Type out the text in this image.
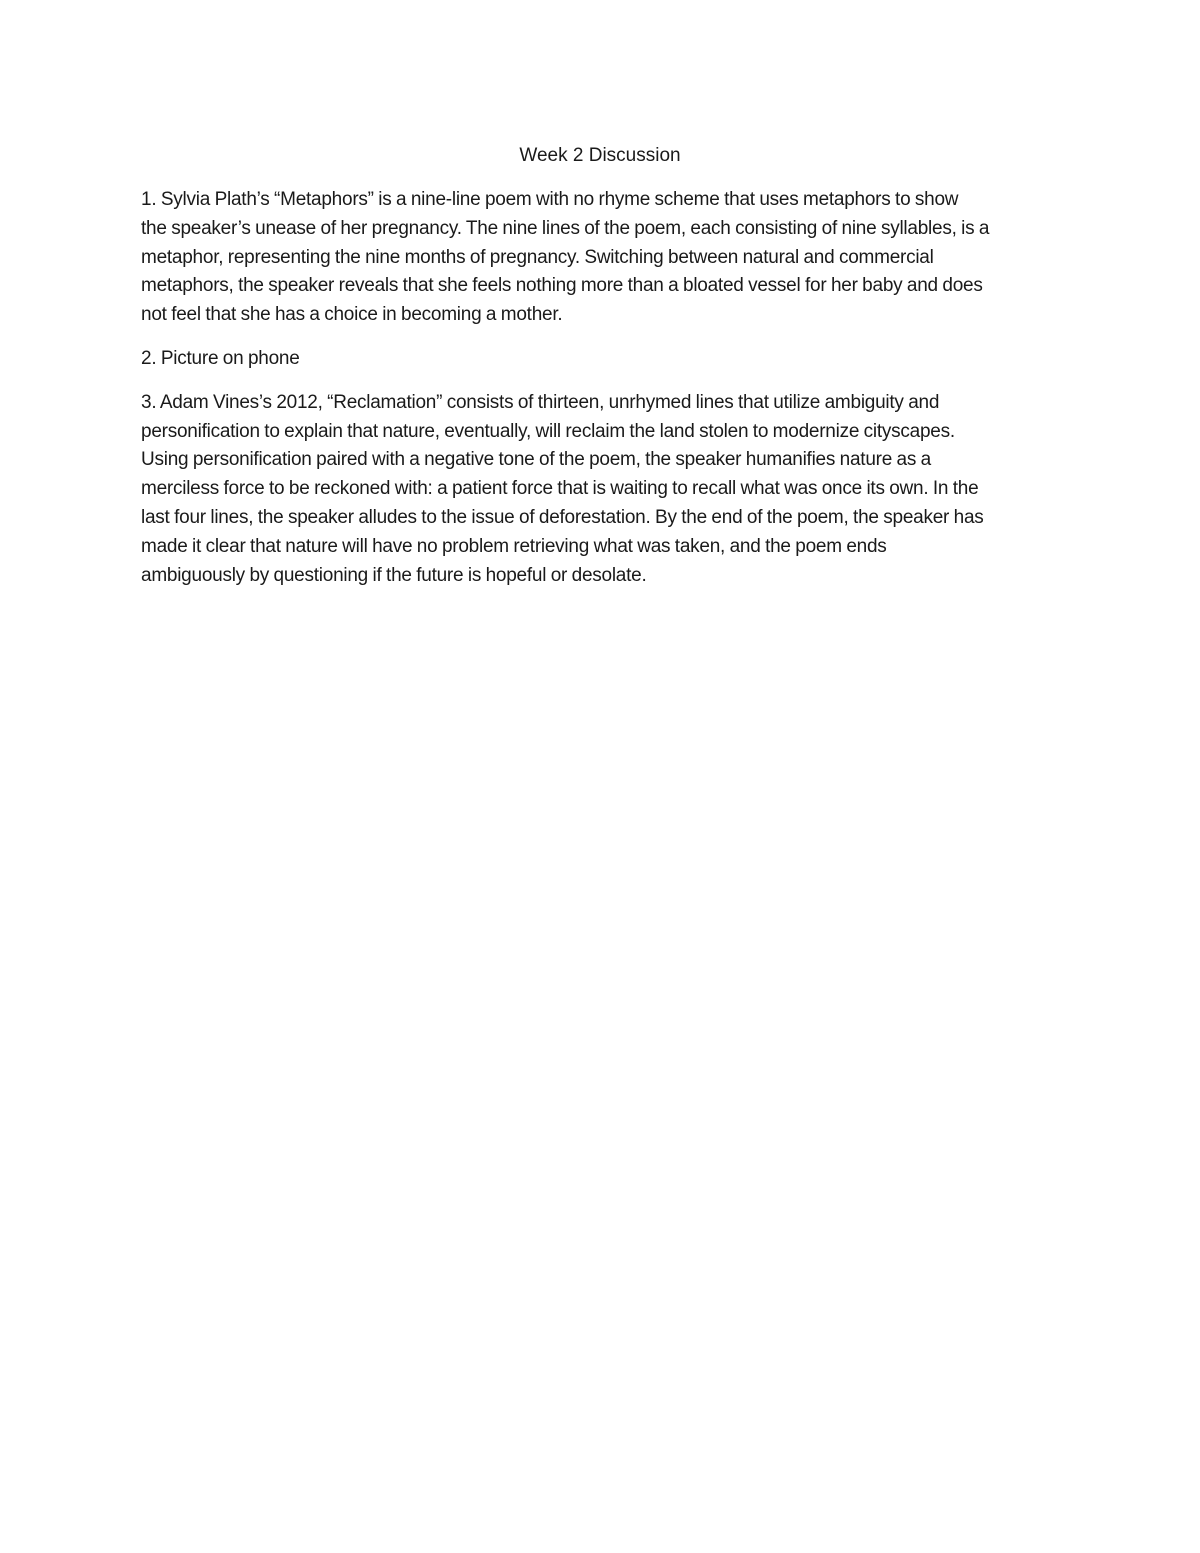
Week 2 Discussion

1. Sylvia Plath’s “Metaphors” is a nine-line poem with no rhyme scheme that uses metaphors to show
the speaker’s unease of her pregnancy. The nine lines of the poem, each consisting of nine syllables, is a
metaphor, representing the nine months of pregnancy. Switching between natural and commercial
metaphors, the speaker reveals that she feels nothing more than a bloated vessel for her baby and does
not feel that she has a choice in becoming a mother.

2. Picture on phone

3. Adam Vines’s 2012, “Reclamation” consists of thirteen, unrhymed lines that utilize ambiguity and
personification to explain that nature, eventually, will reclaim the land stolen to modernize cityscapes.
Using personification paired with a negative tone of the poem, the speaker humanifies nature as a
merciless force to be reckoned with: a patient force that is waiting to recall what was once its own. In the
last four lines, the speaker alludes to the issue of deforestation. By the end of the poem, the speaker has
made it clear that nature will have no problem retrieving what was taken, and the poem ends
ambiguously by questioning if the future is hopeful or desolate.
